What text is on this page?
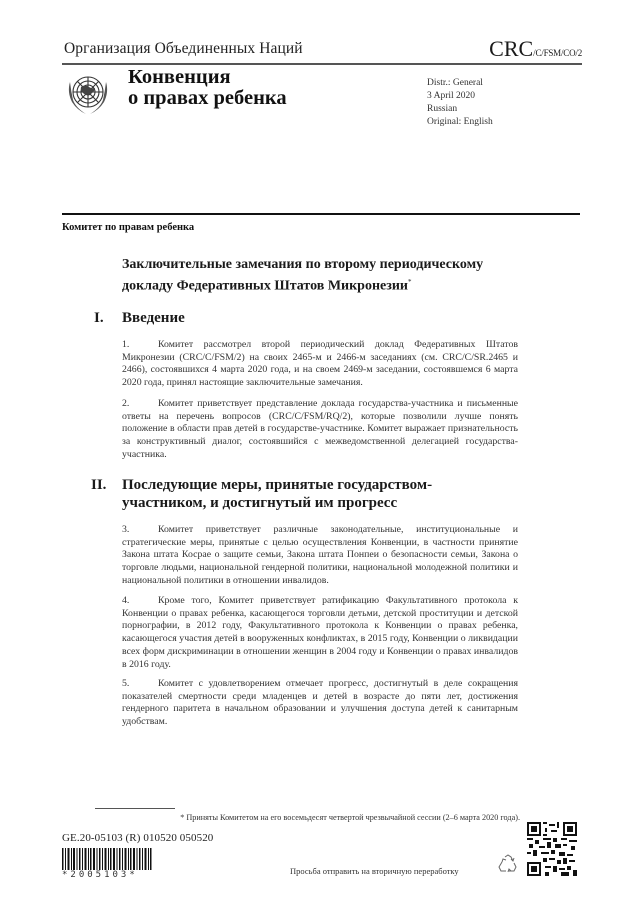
Организация Объединенных Наций	CRC/C/FSM/CO/2
Конвенция
о правах ребенка
Distr.: General
3 April 2020
Russian
Original: English
Комитет по правам ребенка
Заключительные замечания по второму периодическому
докладу Федеративных Штатов Микронезии*
I. Введение
1.	Комитет рассмотрел второй периодический доклад Федеративных Штатов Микронезии (CRC/C/FSM/2) на своих 2465-м и 2466-м заседаниях (см. CRC/C/SR.2465 и 2466), состоявшихся 4 марта 2020 года, и на своем 2469-м заседании, состоявшемся 6 марта 2020 года, принял настоящие заключительные замечания.
2.	Комитет приветствует представление доклада государства-участника и письменные ответы на перечень вопросов (CRC/C/FSM/RQ/2), которые позволили лучше понять положение в области прав детей в государстве-участнике. Комитет выражает признательность за конструктивный диалог, состоявшийся с межведомственной делегацией государства-участника.
II. Последующие меры, принятые государством-
участником, и достигнутый им прогресс
3.	Комитет приветствует различные законодательные, институциональные и стратегические меры, принятые с целью осуществления Конвенции, в частности принятие Закона штата Косрае о защите семьи, Закона штата Понпеи о безопасности семьи, Закона о торговле людьми, национальной гендерной политики, национальной молодежной политики и национальной политики в отношении инвалидов.
4.	Кроме того, Комитет приветствует ратификацию Факультативного протокола к Конвенции о правах ребенка, касающегося торговли детьми, детской проституции и детской порнографии, в 2012 году, Факультативного протокола к Конвенции о правах ребенка, касающегося участия детей в вооруженных конфликтах, в 2015 году, Конвенции о ликвидации всех форм дискриминации в отношении женщин в 2004 году и Конвенции о правах инвалидов в 2016 году.
5.	Комитет с удовлетворением отмечает прогресс, достигнутый в деле сокращения показателей смертности среди младенцев и детей в возрасте до пяти лет, достижения гендерного паритета в начальном образовании и улучшения доступа детей к санитарным удобствам.
* Приняты Комитетом на его восемьдесят четвертой чрезвычайной сессии (2–6 марта 2020 года).
GE.20-05103 (R) 010520 050520
*2005103*	Просьба отправить на вторичную переработку
